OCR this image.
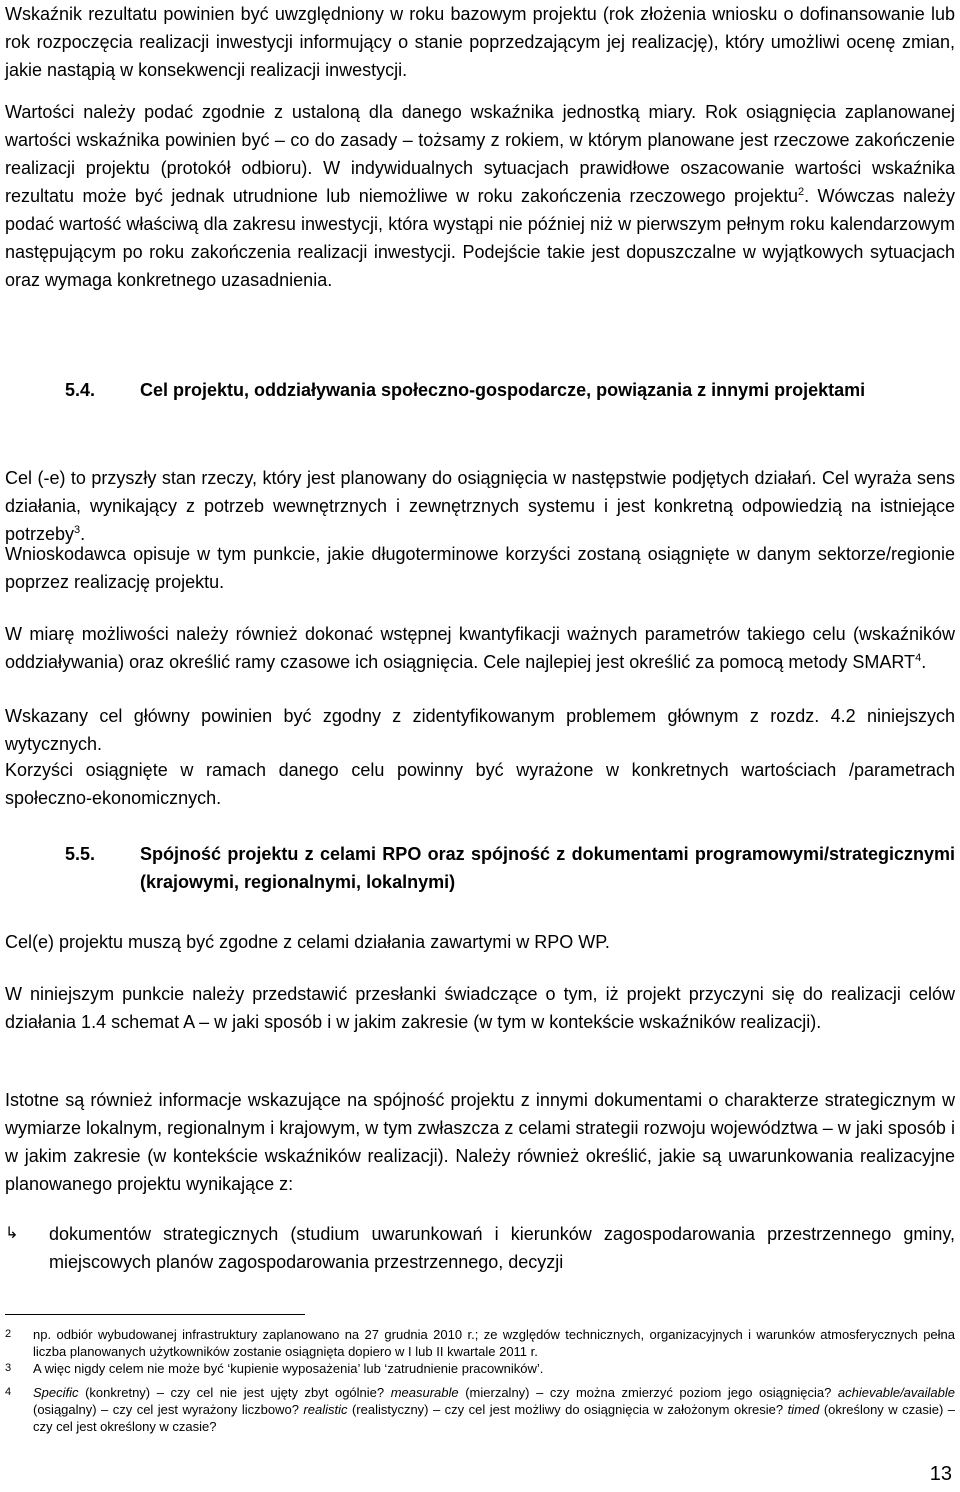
Wskaźnik rezultatu powinien być uwzględniony w roku bazowym projektu (rok złożenia wniosku o dofinansowanie lub rok rozpoczęcia realizacji inwestycji informujący o stanie poprzedzającym jej realizację), który umożliwi ocenę zmian, jakie nastąpią w konsekwencji realizacji inwestycji.

Wartości należy podać zgodnie z ustaloną dla danego wskaźnika jednostką miary. Rok osiągnięcia zaplanowanej wartości wskaźnika powinien być – co do zasady – tożsamy z rokiem, w którym planowane jest rzeczowe zakończenie realizacji projektu (protokół odbioru). W indywidualnych sytuacjach prawidłowe oszacowanie wartości wskaźnika rezultatu może być jednak utrudnione lub niemożliwe w roku zakończenia rzeczowego projektu$^2$. Wówczas należy podać wartość właściwą dla zakresu inwestycji, która wystąpi nie później niż w pierwszym pełnym roku kalendarzowym następującym po roku zakończenia realizacji inwestycji. Podejście takie jest dopuszczalne w wyjątkowych sytuacjach oraz wymaga konkretnego uzasadnienia.

5.4. Cel projektu, oddziaływania społeczno-gospodarcze, powiązania z innymi projektami

Cel (-e) to przyszły stan rzeczy, który jest planowany do osiągnięcia w następstwie podjętych działań. Cel wyraża sens działania, wynikający z potrzeb wewnętrznych i zewnętrznych systemu i jest konkretną odpowiedzią na istniejące potrzeby$^3$.

Wnioskodawca opisuje w tym punkcie, jakie długoterminowe korzyści zostaną osiągnięte w danym sektorze/regionie poprzez realizację projektu.

W miarę możliwości należy również dokonać wstępnej kwantyfikacji ważnych parametrów takiego celu (wskaźników oddziaływania) oraz określić ramy czasowe ich osiągnięcia. Cele najlepiej jest określić za pomocą metody SMART$^4$.

Wskazany cel główny powinien być zgodny z zidentyfikowanym problemem głównym z rozdz. 4.2 niniejszych wytycznych.

Korzyści osiągnięte w ramach danego celu powinny być wyrażone w konkretnych wartościach /parametrach społeczno-ekonomicznych.

5.5. Spójność projektu z celami RPO oraz spójność z dokumentami programowymi/strategicznymi (krajowymi, regionalnymi, lokalnymi)

Cel(e) projektu muszą być zgodne z celami działania zawartymi w RPO WP.

W niniejszym punkcie należy przedstawić przesłanki świadczące o tym, iż projekt przyczyni się do realizacji celów działania 1.4 schemat A – w jaki sposób i w jakim zakresie (w tym w kontekście wskaźników realizacji).

Istotne są również informacje wskazujące na spójność projektu z innymi dokumentami o charakterze strategicznym w wymiarze lokalnym, regionalnym i krajowym, w tym zwłaszcza z celami strategii rozwoju województwa – w jaki sposób i w jakim zakresie (w kontekście wskaźników realizacji). Należy również określić, jakie są uwarunkowania realizacyjne planowanego projektu wynikające z:

↳ dokumentów strategicznych (studium uwarunkowań i kierunków zagospodarowania przestrzennego gminy, miejscowych planów zagospodarowania przestrzennego, decyzji
2 np. odbiór wybudowanej infrastruktury zaplanowano na 27 grudnia 2010 r.; ze względów technicznych, organizacyjnych i warunków atmosferycznych pełna liczba planowanych użytkowników zostanie osiągnięta dopiero w I lub II kwartale 2011 r.
3 A więc nigdy celem nie może być ‘kupienie wyposażenia’ lub ‘zatrudnienie pracowników’.
4 Specific (konkretny) – czy cel nie jest ujęty zbyt ogólnie? measurable (mierzalny) – czy można zmierzyć poziom jego osiągnięcia? achievable/available (osiągalny) – czy cel jest wyrażony liczbowo? realistic (realistyczny) – czy cel jest możliwy do osiągnięcia w założonym okresie? timed (określony w czasie) – czy cel jest określony w czasie?
13
